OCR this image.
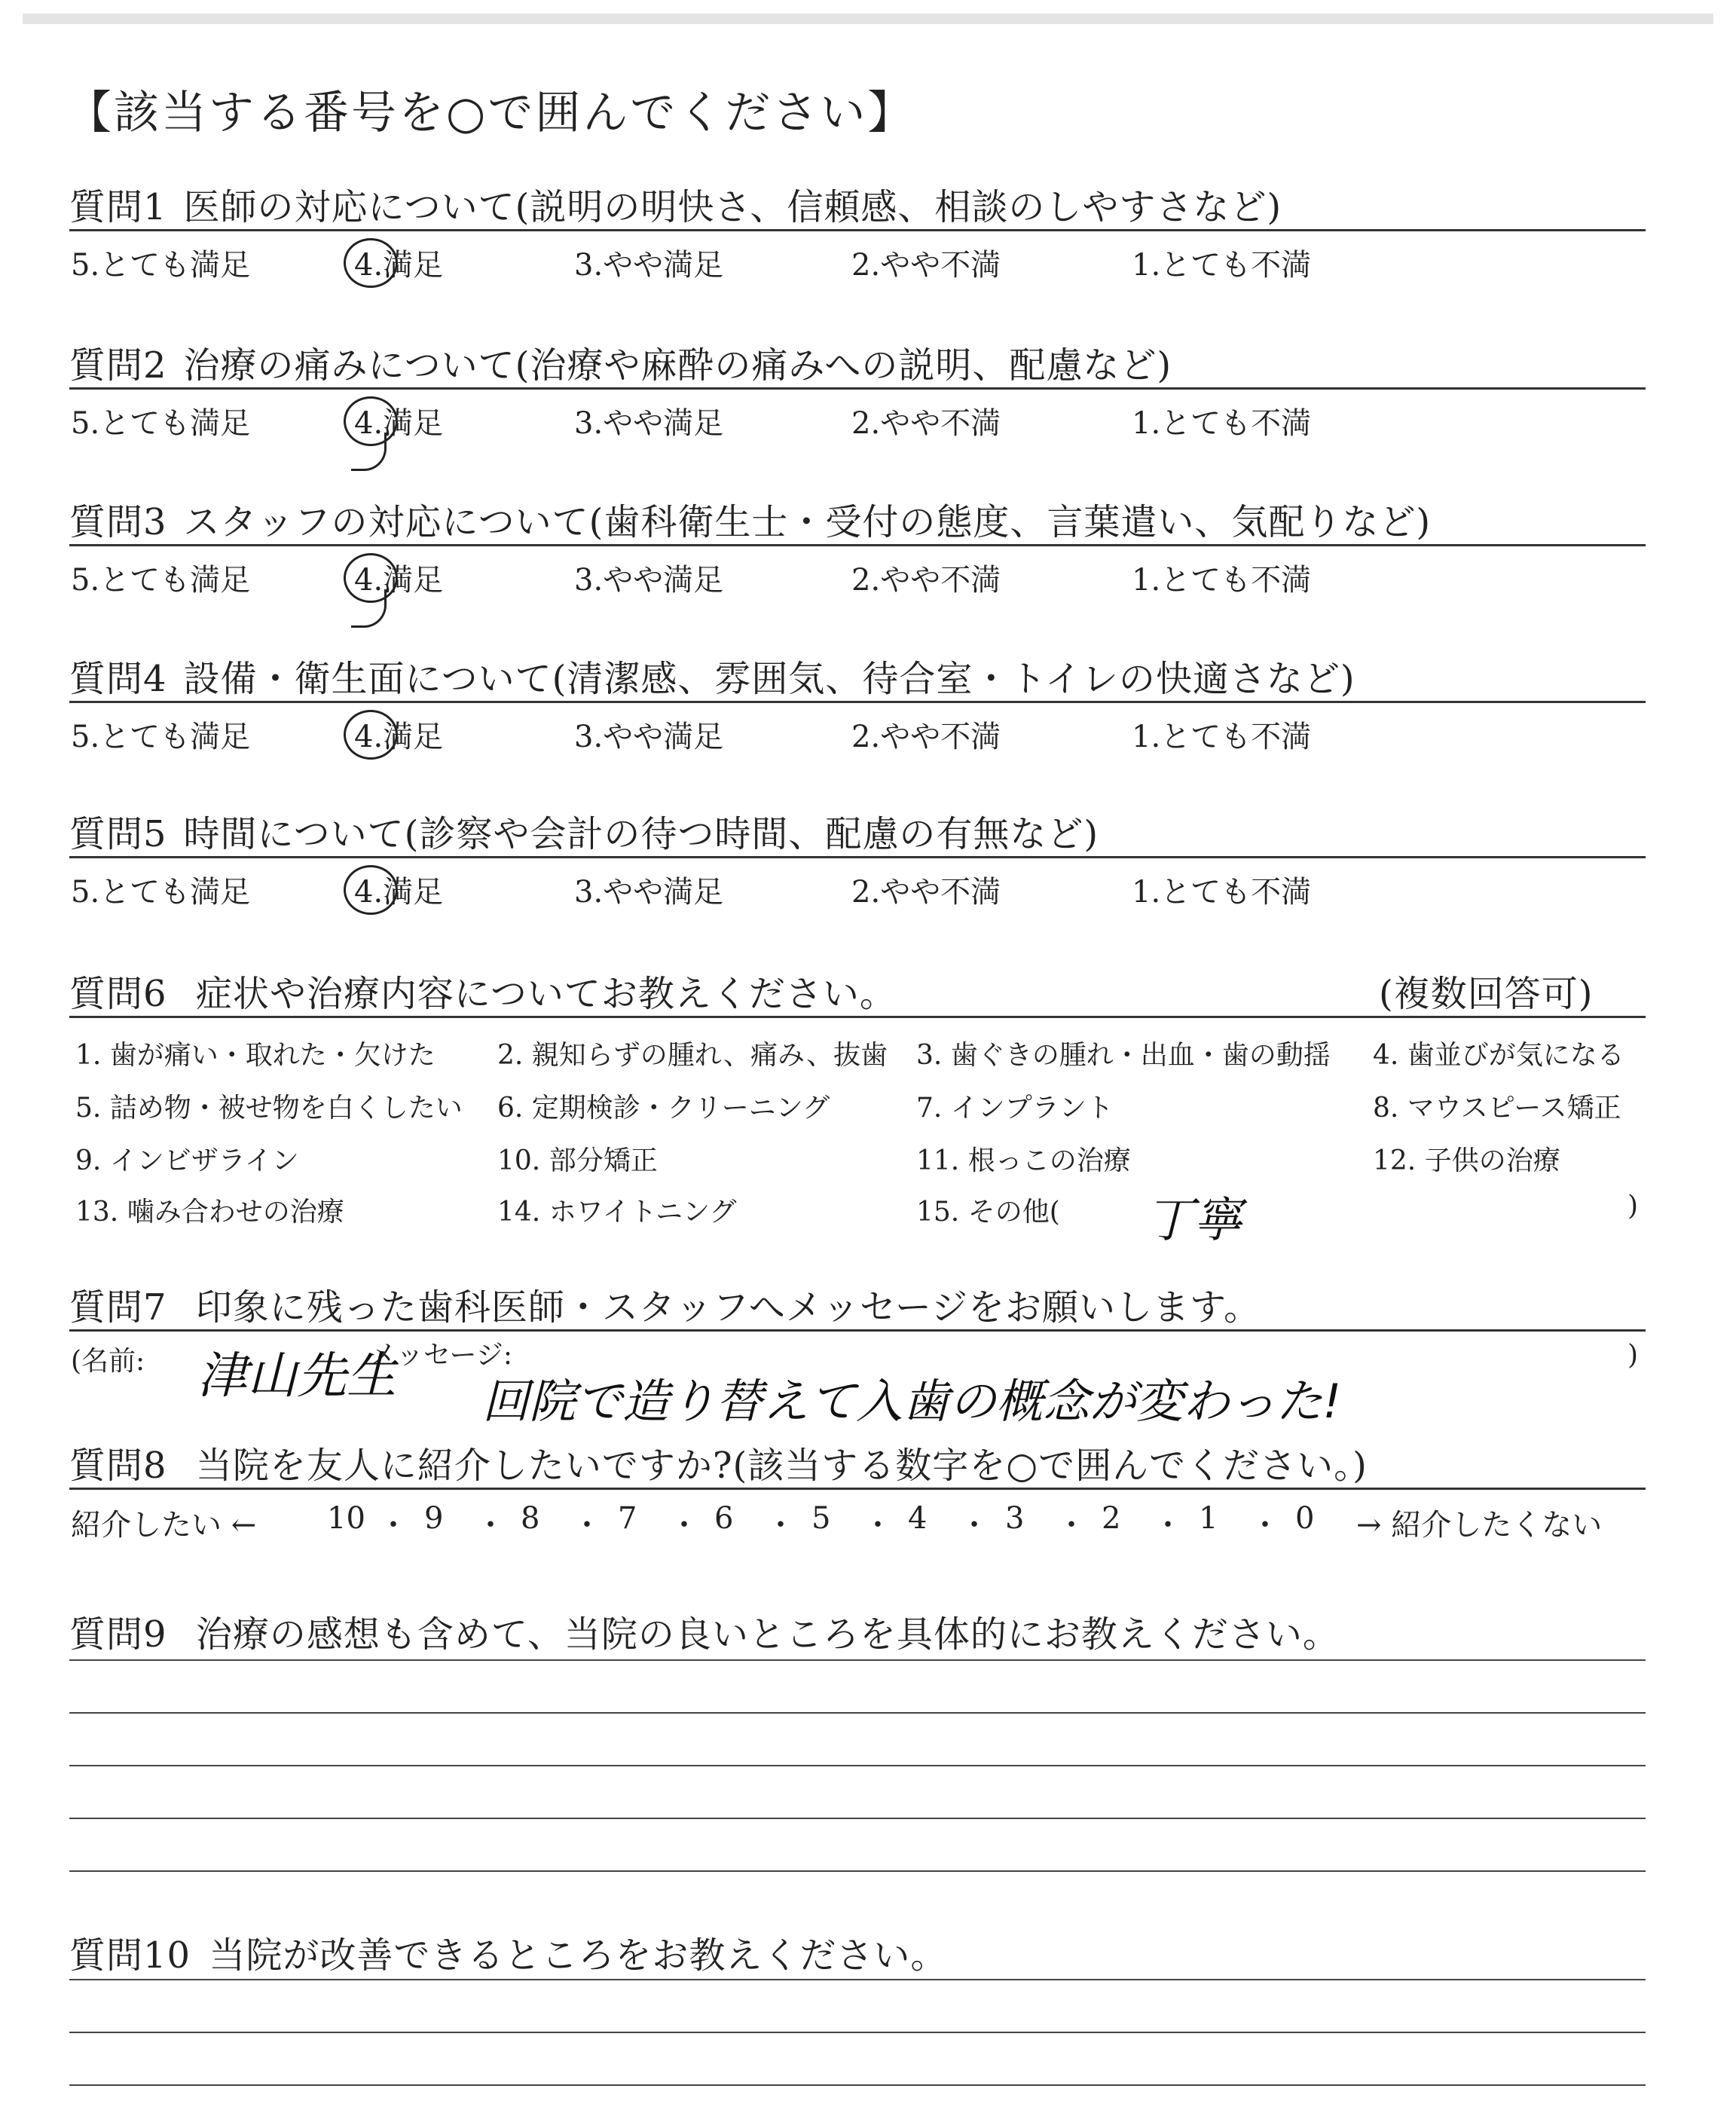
【該当する番号を○で囲んでください】
質問1 医師の対応について(説明の明快さ、信頼感、相談のしやすさなど)
5.とても満足	4.満足	3.やや満足	2.やや不満	1.とても不満
質問2 治療の痛みについて(治療や麻酔の痛みへの説明、配慮など)
5.とても満足	4.満足	3.やや満足	2.やや不満	1.とても不満
質問3 スタッフの対応について(歯科衛生士・受付の態度、言葉遣い、気配りなど)
5.とても満足	4.満足	3.やや満足	2.やや不満	1.とても不満
質問4 設備・衛生面について(清潔感、雰囲気、待合室・トイレの快適さなど)
5.とても満足	4.満足	3.やや満足	2.やや不満	1.とても不満
質問5 時間について(診察や会計の待つ時間、配慮の有無など)
5.とても満足	4.満足	3.やや満足	2.やや不満	1.とても不満
質問6 症状や治療内容についてお教えください。	(複数回答可)
1. 歯が痛い・取れた・欠けた 2. 親知らずの腫れ、痛み、抜歯 3. 歯ぐきの腫れ・出血・歯の動揺 4. 歯並びが気になる
5. 詰め物・被せ物を白くしたい 6. 定期検診・クリーニング	7. インプラント	8. マウスピース矯正
9. インビザライン	10. 部分矯正	11. 根っこの治療	12. 子供の治療
13. 噛み合わせの治療	14. ホワイトニング	15. その他(	)
丁寧
質問7 印象に残った歯科医師・スタッフへメッセージをお願いします。
(名前:	メッセージ:	)
津山先生 回院で造り替えて入歯の概念が変わった!
質問8 当院を友人に紹介したいですか?(該当する数字を○で囲んでください。)
紹介したい ← 10 ・ 9 ・ 8 ・ 7 ・ 6 ・ 5 ・ 4 ・ 3 ・ 2 ・ 1 ・ 0 → 紹介したくない
質問9 治療の感想も含めて、当院の良いところを具体的にお教えください。
質問10 当院が改善できるところをお教えください。
